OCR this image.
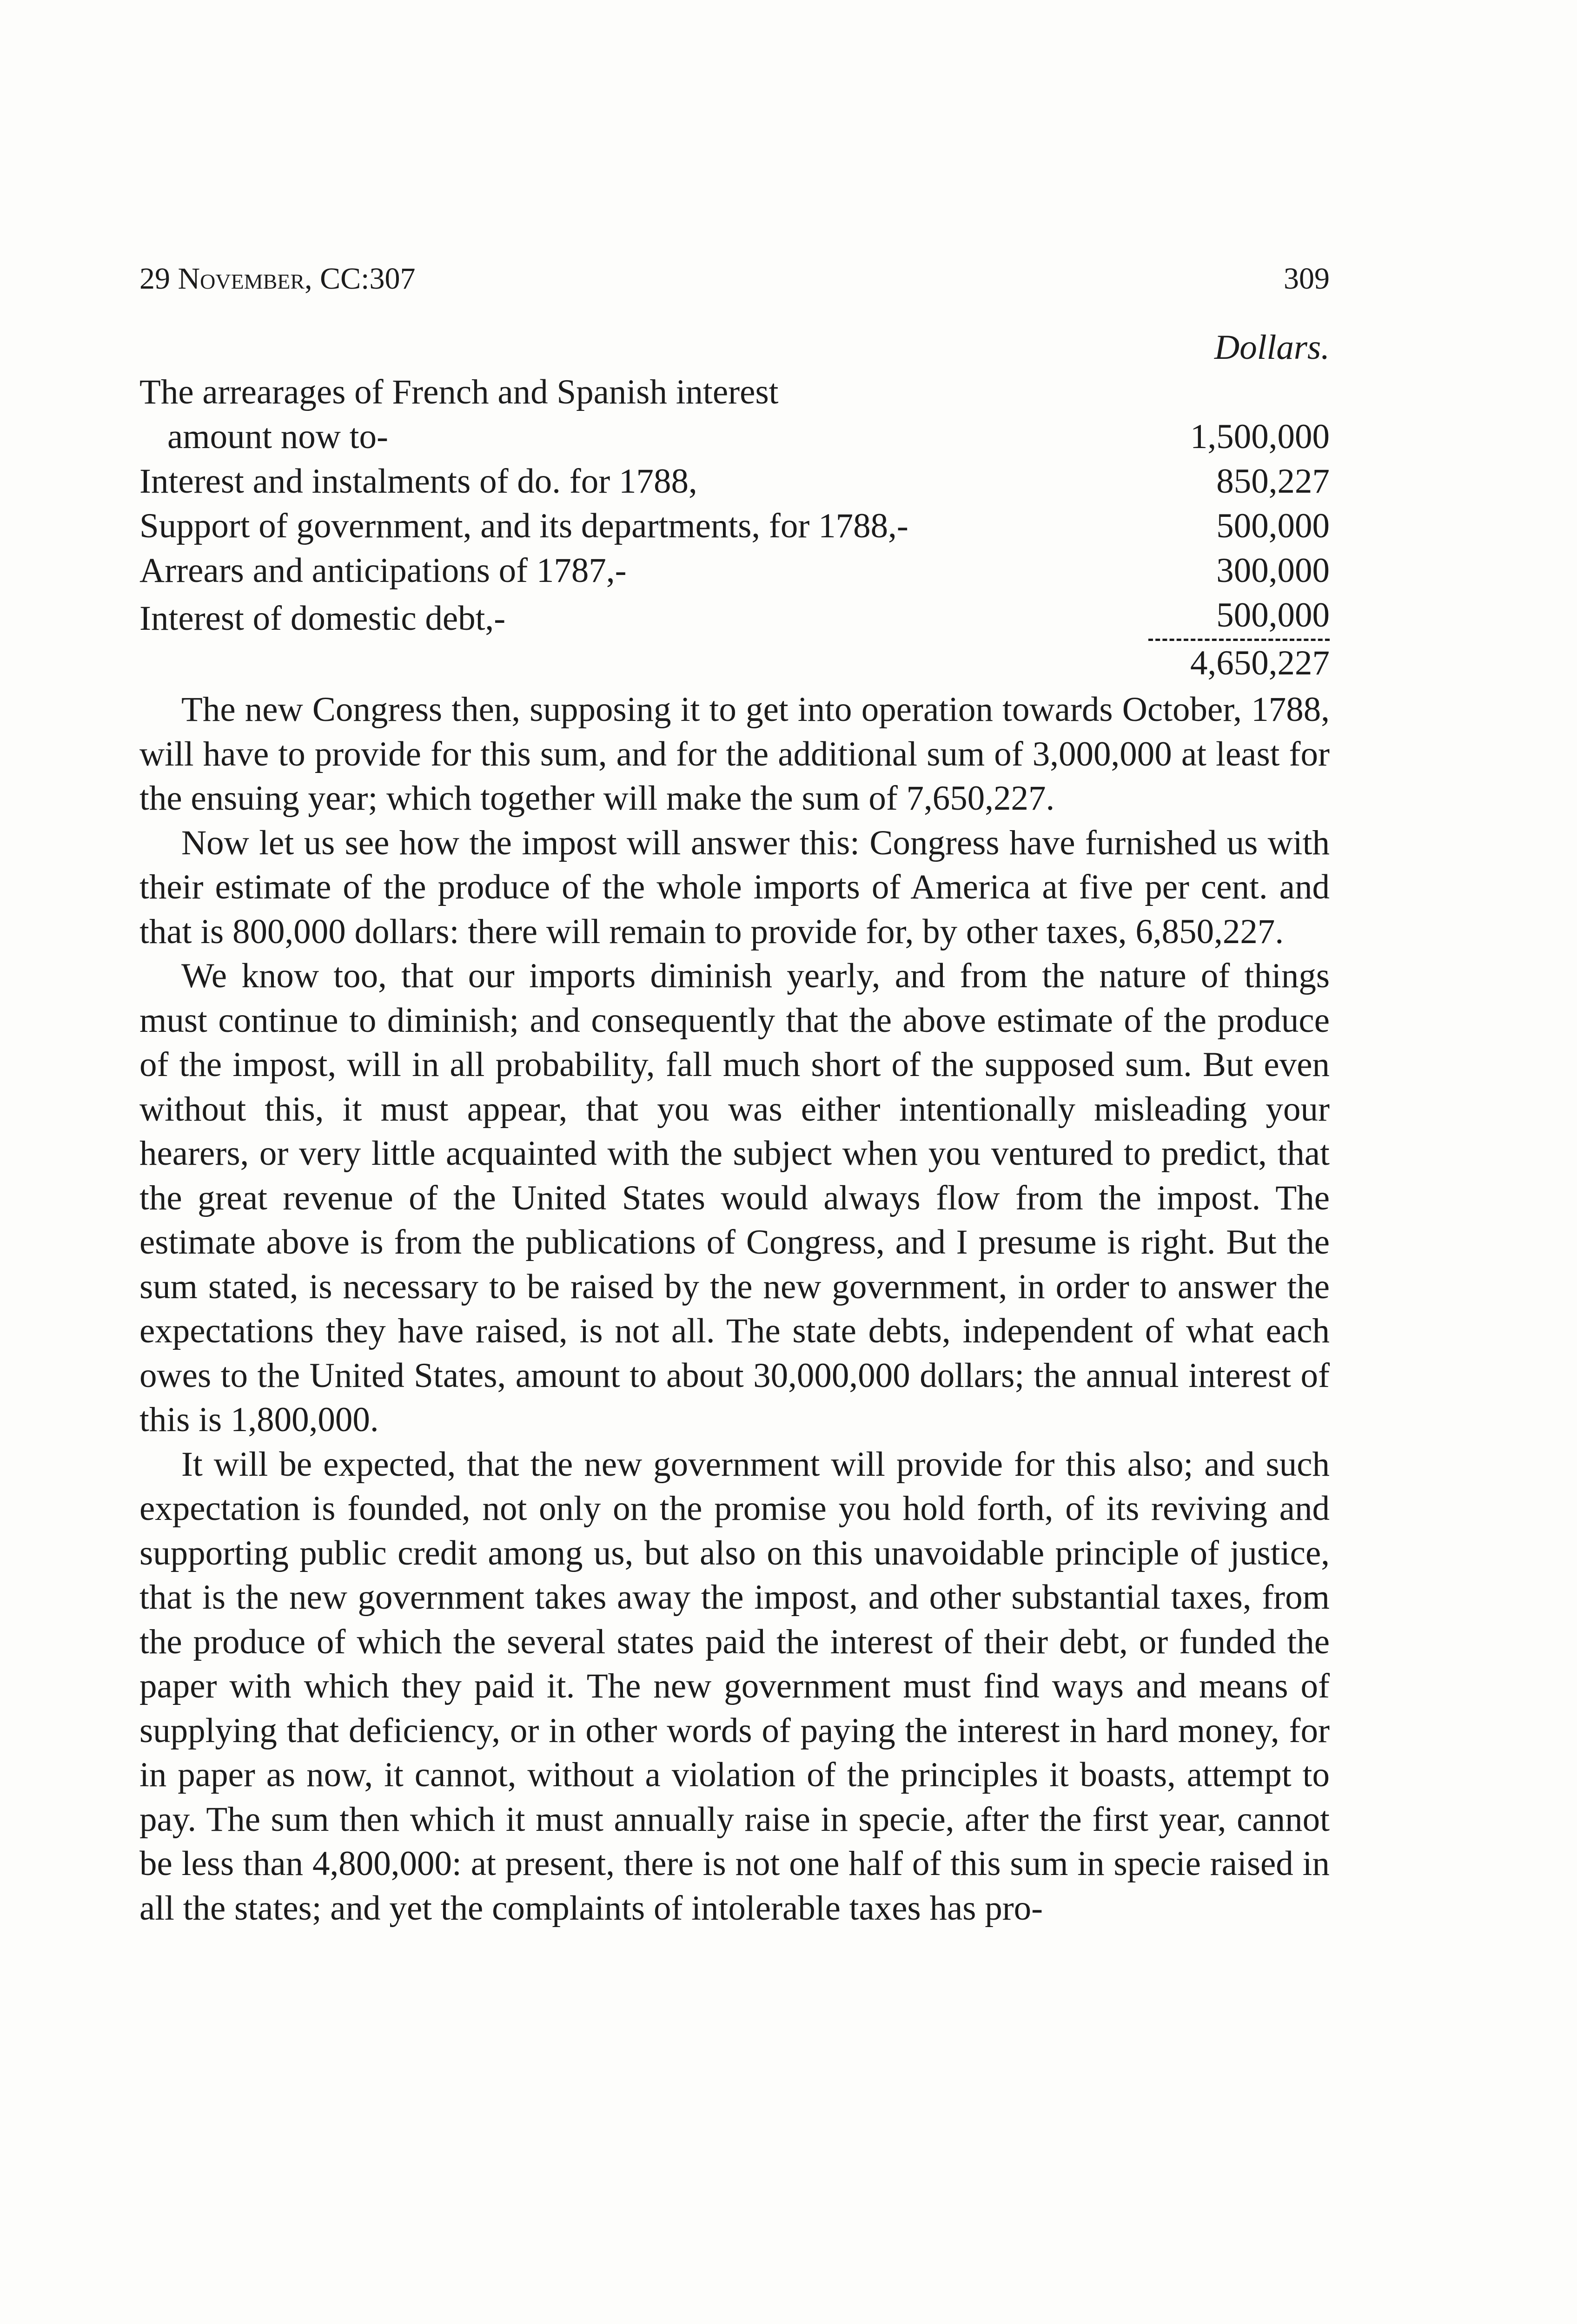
29 November, CC:307	309
Dollars.
The arrearages of French and Spanish interest
amount now to-	1,500,000
Interest and instalments of do. for 1788,	850,227
Support of government, and its departments, for 1788,-	500,000
Arrears and anticipations of 1787,-	300,000
Interest of domestic debt,-	500,000
4,650,227

The new Congress then, supposing it to get into operation towards October, 1788, will have to provide for this sum, and for the additional sum of 3,000,000 at least for the ensuing year; which together will make the sum of 7,650,227.

Now let us see how the impost will answer this: Congress have furnished us with their estimate of the produce of the whole imports of America at five per cent. and that is 800,000 dollars: there will remain to provide for, by other taxes, 6,850,227.

We know too, that our imports diminish yearly, and from the nature of things must continue to diminish; and consequently that the above estimate of the produce of the impost, will in all probability, fall much short of the supposed sum. But even without this, it must appear, that you was either intentionally misleading your hearers, or very little acquainted with the subject when you ventured to predict, that the great revenue of the United States would always flow from the impost. The estimate above is from the publications of Congress, and I presume is right. But the sum stated, is necessary to be raised by the new government, in order to answer the expectations they have raised, is not all. The state debts, independent of what each owes to the United States, amount to about 30,000,000 dollars; the annual interest of this is 1,800,000.

It will be expected, that the new government will provide for this also; and such expectation is founded, not only on the promise you hold forth, of its reviving and supporting public credit among us, but also on this unavoidable principle of justice, that is the new government takes away the impost, and other substantial taxes, from the produce of which the several states paid the interest of their debt, or funded the paper with which they paid it. The new government must find ways and means of supplying that deficiency, or in other words of paying the interest in hard money, for in paper as now, it cannot, without a violation of the principles it boasts, attempt to pay. The sum then which it must annually raise in specie, after the first year, cannot be less than 4,800,000: at present, there is not one half of this sum in specie raised in all the states; and yet the complaints of intolerable taxes has pro-
